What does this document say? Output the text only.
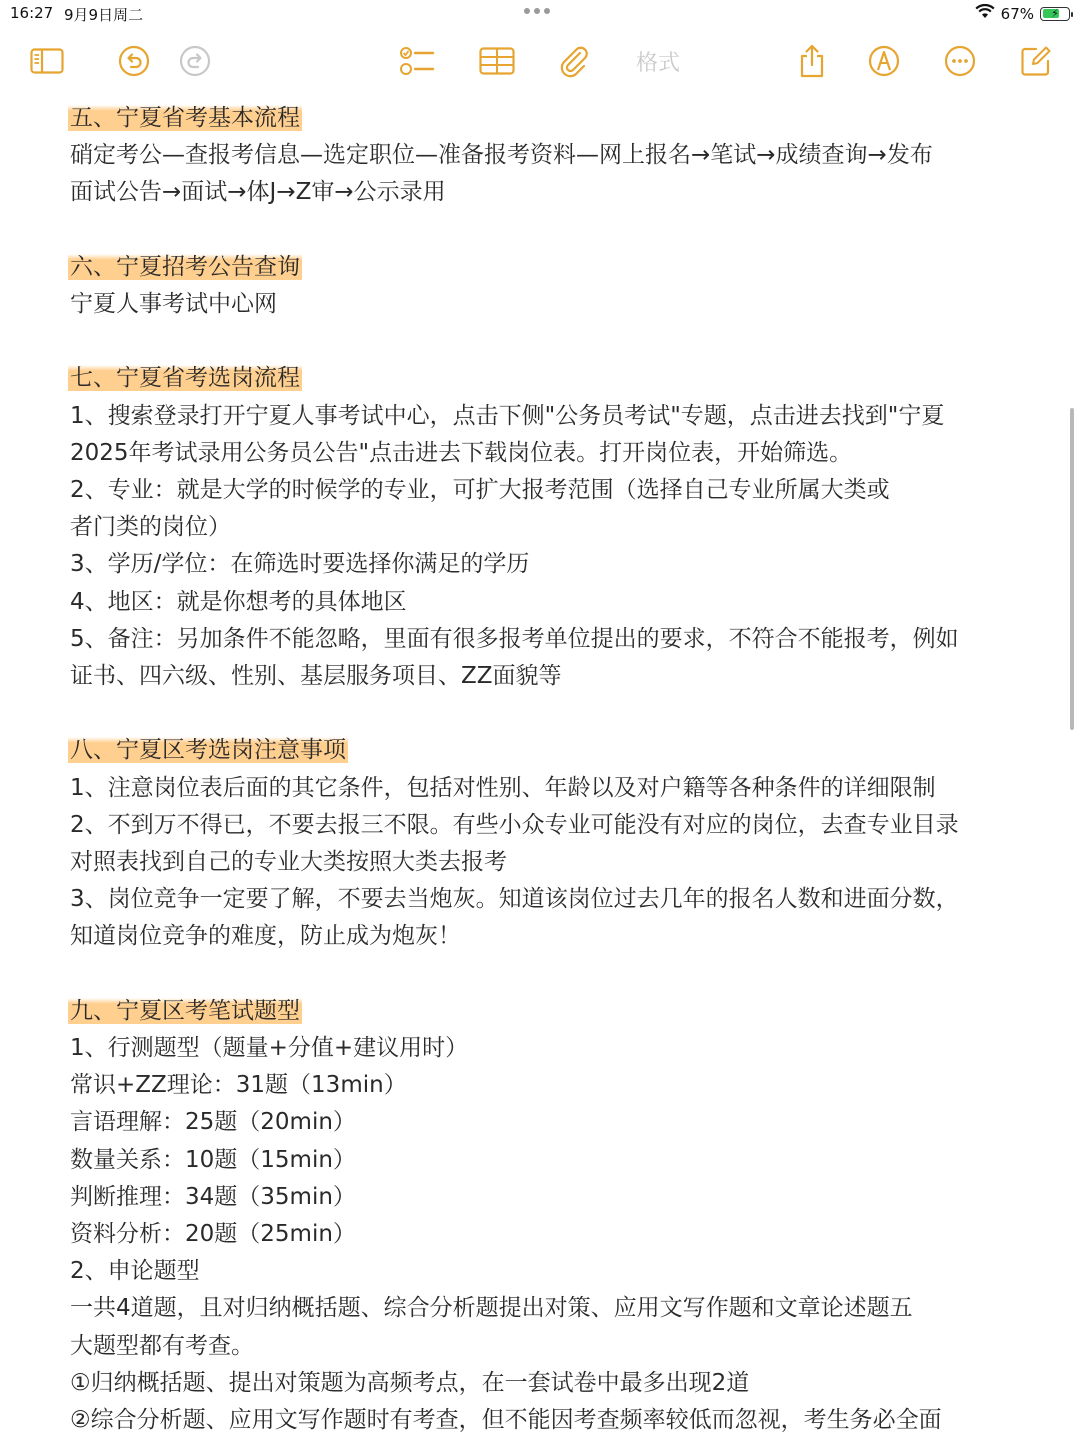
16:27 9月9日周二	67% ⚡
格式

五、宁夏省考基本流程

硝定考公—查报考信息—选定职位—准备报考资料—网上报名→笔试→成绩查询→发布

面试公告→面试→体J→Z审→公示录用

六、宁夏招考公告查询

宁夏人事考试中心网

七、宁夏省考选岗流程

1、搜索登录打开宁夏人事考试中心，点击下侧"公务员考试"专题，点击进去找到"宁夏

2025年考试录用公务员公告"点击进去下载岗位表。打开岗位表，开始筛选。

2、专业：就是大学的时候学的专业，可扩大报考范围（选择自己专业所属大类或

者门类的岗位）

3、学历/学位：在筛选时要选择你满足的学历

4、地区：就是你想考的具体地区

5、备注：另加条件不能忽略，里面有很多报考单位提出的要求，不符合不能报考，例如

证书、四六级、性别、基层服务项目、ZZ面貌等

八、宁夏区考选岗注意事项

1、注意岗位表后面的其它条件，包括对性别、年龄以及对户籍等各种条件的详细限制

2、不到万不得已，不要去报三不限。有些小众专业可能没有对应的岗位，去查专业目录

对照表找到自己的专业大类按照大类去报考

3、岗位竞争一定要了解，不要去当炮灰。知道该岗位过去几年的报名人数和进面分数，

知道岗位竞争的难度，防止成为炮灰！

九、宁夏区考笔试题型

1、行测题型（题量+分值+建议用时）

常识+ZZ理论：31题（13min）

言语理解：25题（20min）

数量关系：10题（15min）

判断推理：34题（35min）

资料分析：20题（25min）

2、申论题型

一共4道题，且对归纳概括题、综合分析题提出对策、应用文写作题和文章论述题五

大题型都有考查。

①归纳概括题、提出对策题为高频考点，在一套试卷中最多出现2道

②综合分析题、应用文写作题时有考查，但不能因考查频率较低而忽视，考生务必全面
